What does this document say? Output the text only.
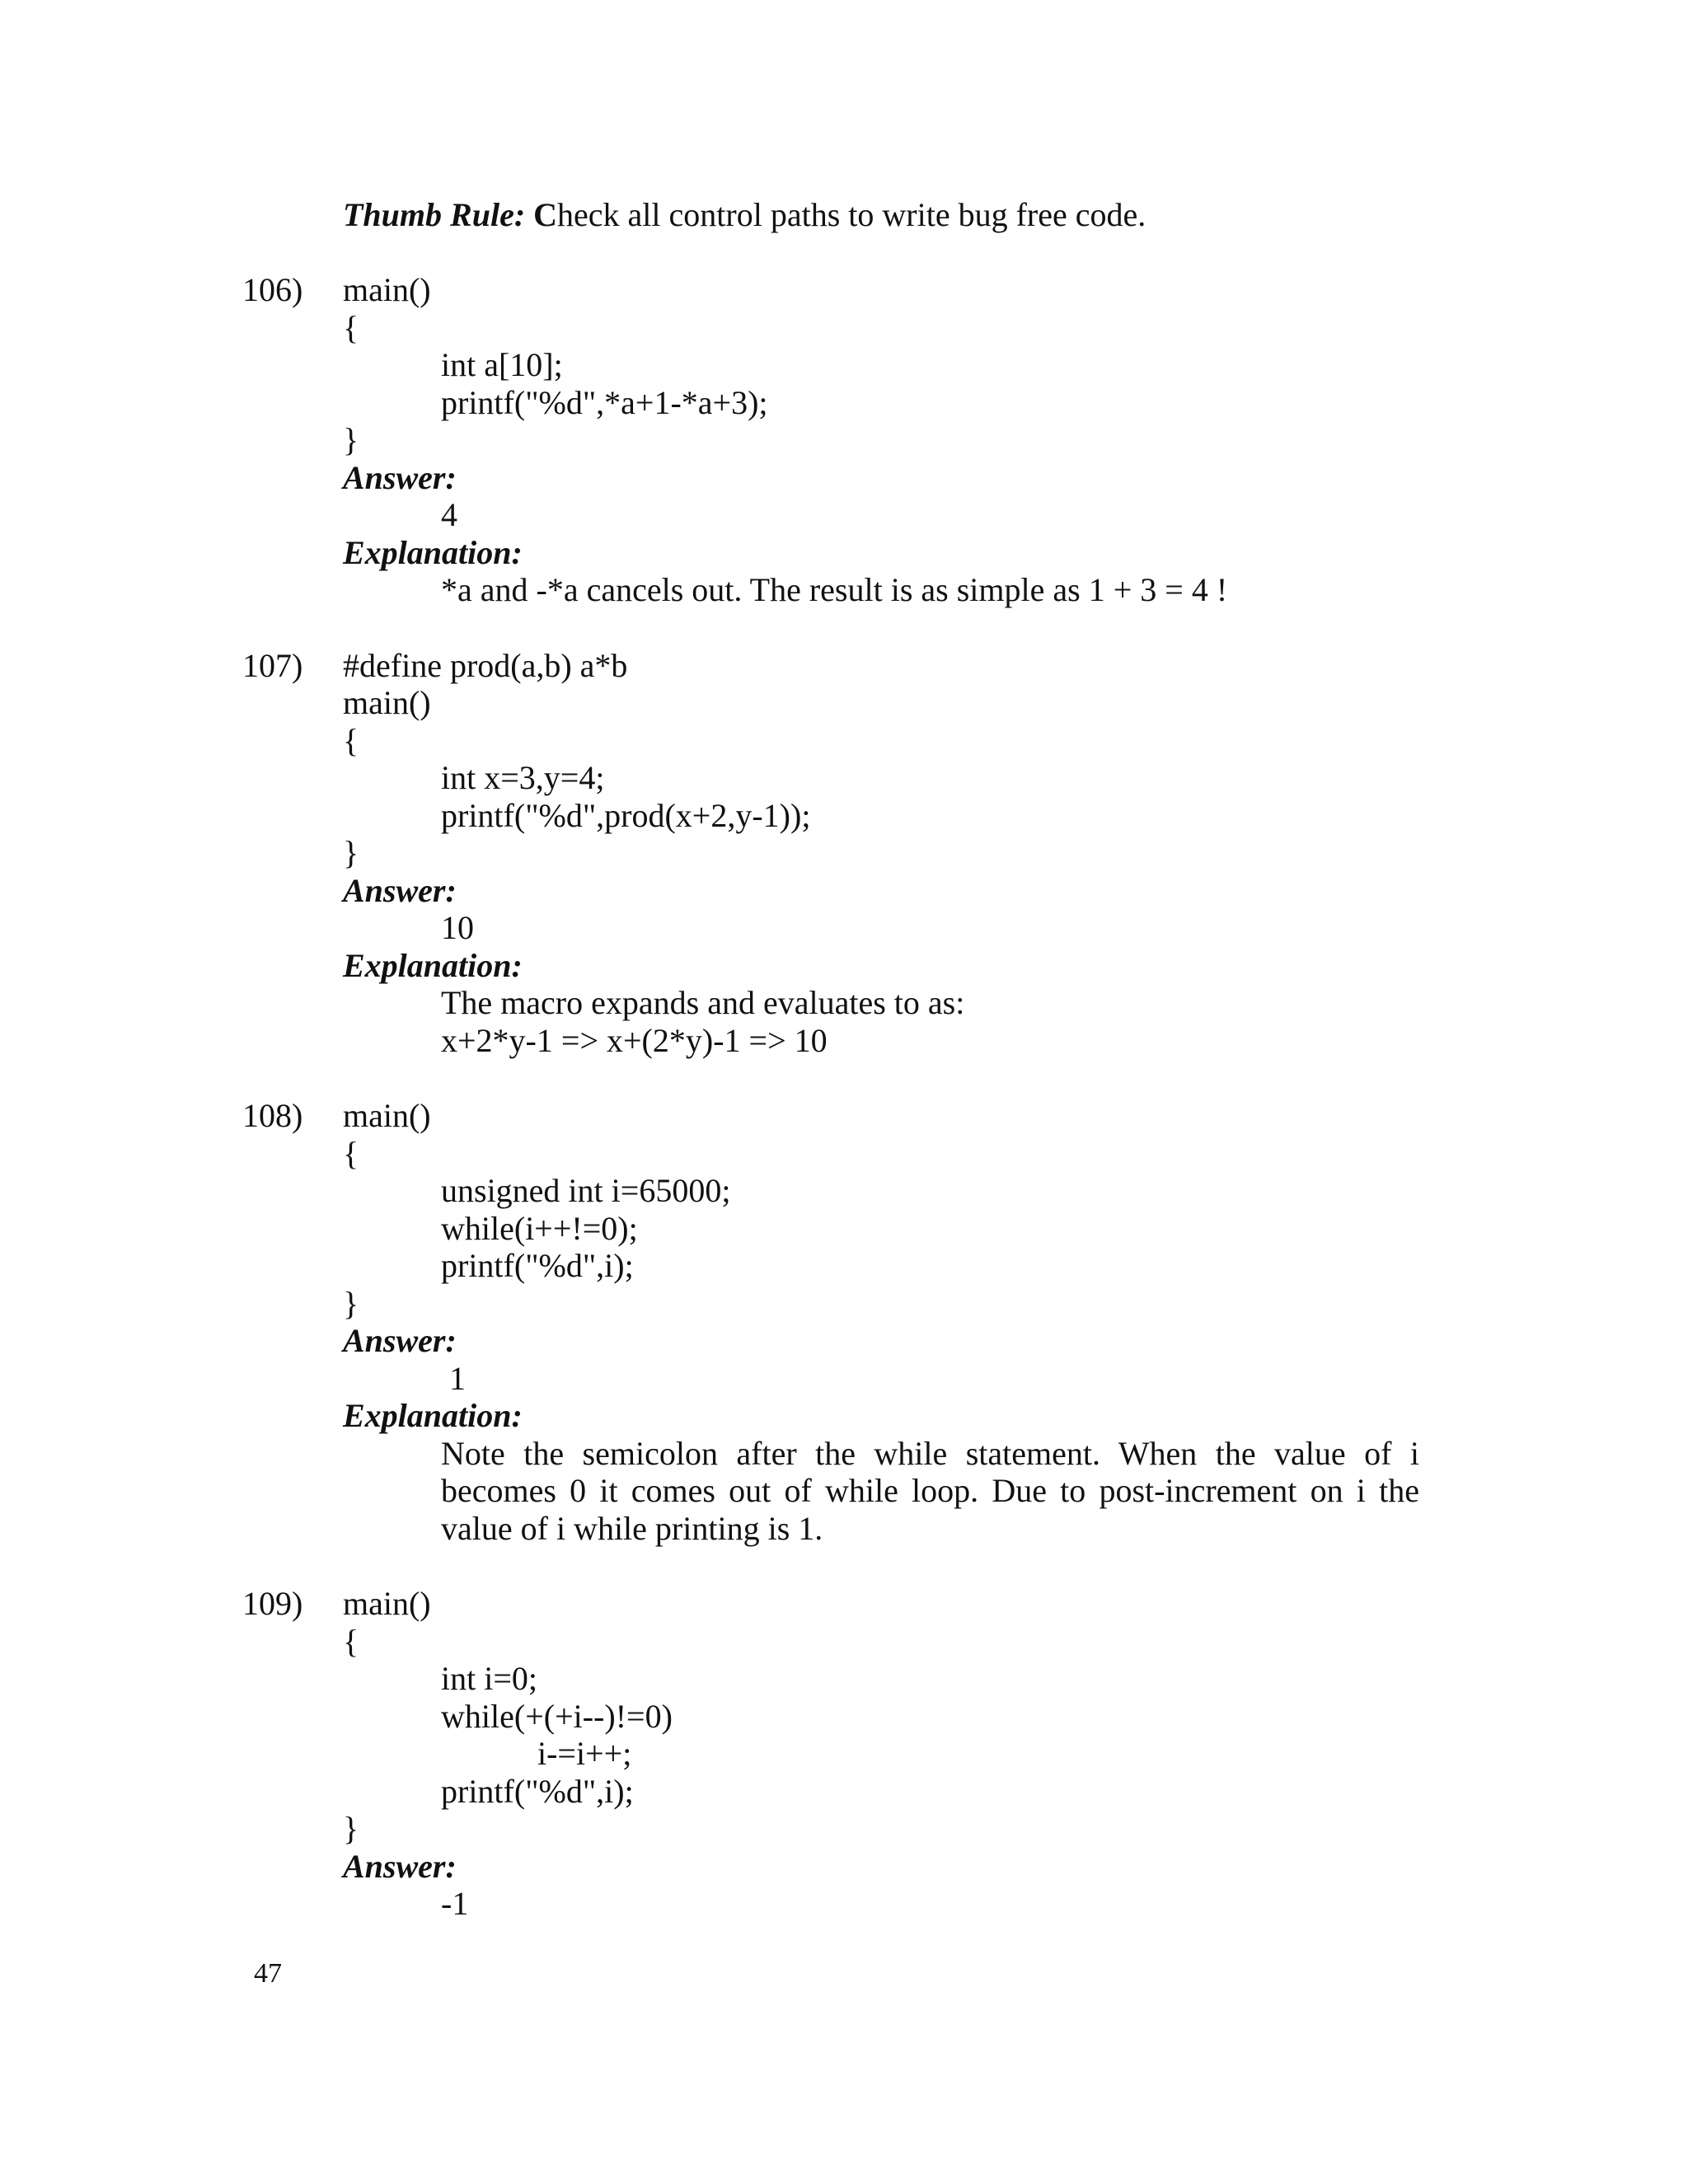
Thumb Rule: Check all control paths to write bug free code.
106) main()
{
int a[10];
printf("%d",*a+1-*a+3);
}
Answer:
4
Explanation:
*a and -*a cancels out. The result is as simple as 1 + 3 = 4 !
107) #define prod(a,b) a*b
main()
{
int x=3,y=4;
printf("%d",prod(x+2,y-1));
}
Answer:
10
Explanation:
The macro expands and evaluates to as:
x+2*y-1 => x+(2*y)-1 => 10
108) main()
{
unsigned int i=65000;
while(i++!=0);
printf("%d",i);
}
Answer:
1
Explanation:
Note the semicolon after the while statement. When the value of i
becomes 0 it comes out of while loop. Due to post-increment on i the
value of i while printing is 1.
109) main()
{
int i=0;
while(+(+i--)!=0)
i-=i++;
printf("%d",i);
}
Answer:
-1
47
